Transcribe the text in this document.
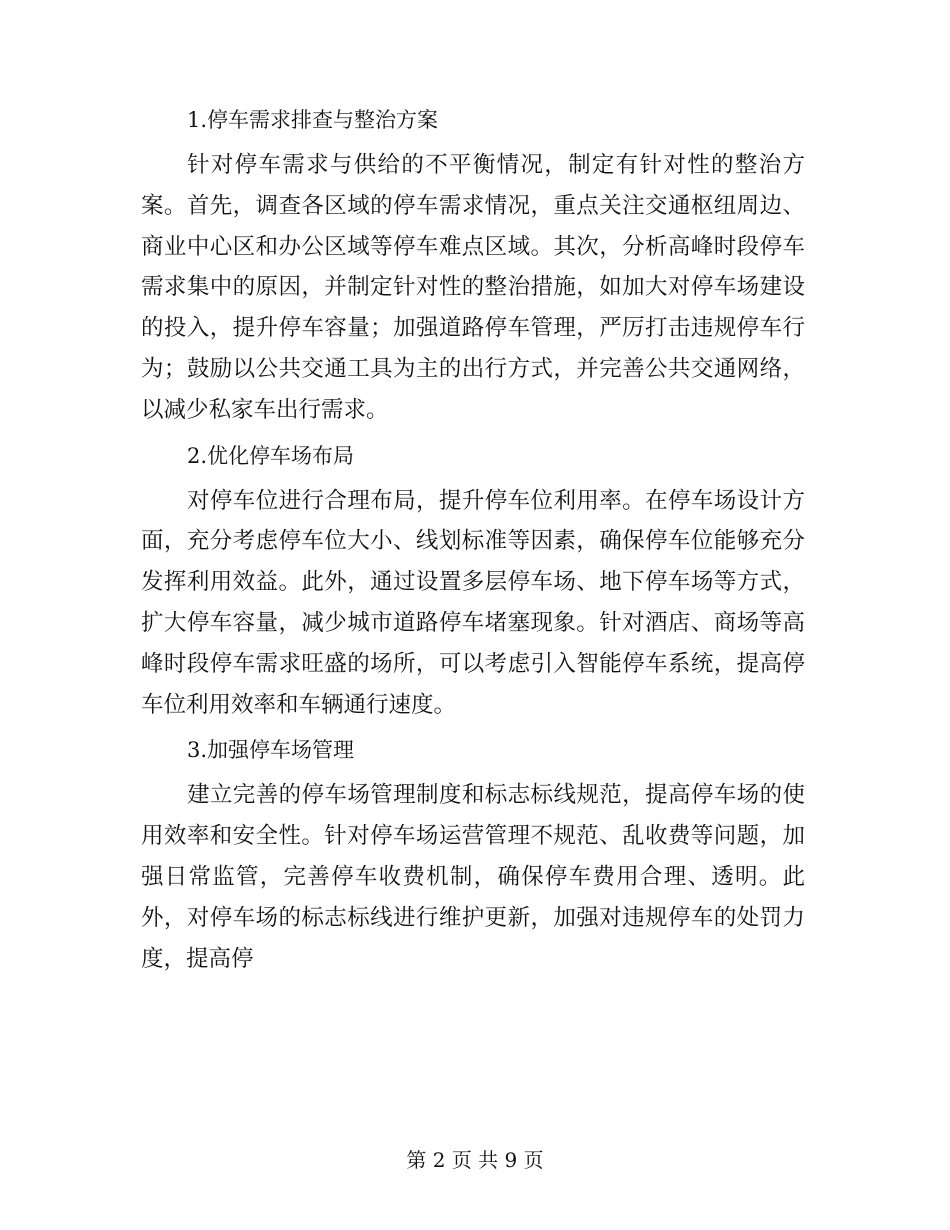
1.停车需求排查与整治方案

针对停车需求与供给的不平衡情况，制定有针对性的整治方案。首先，调查各区域的停车需求情况，重点关注交通枢纽周边、商业中心区和办公区域等停车难点区域。其次，分析高峰时段停车需求集中的原因，并制定针对性的整治措施，如加大对停车场建设的投入，提升停车容量；加强道路停车管理，严厉打击违规停车行为；鼓励以公共交通工具为主的出行方式，并完善公共交通网络，以减少私家车出行需求。

2.优化停车场布局

对停车位进行合理布局，提升停车位利用率。在停车场设计方面，充分考虑停车位大小、线划标准等因素，确保停车位能够充分发挥利用效益。此外，通过设置多层停车场、地下停车场等方式，扩大停车容量，减少城市道路停车堵塞现象。针对酒店、商场等高峰时段停车需求旺盛的场所，可以考虑引入智能停车系统，提高停车位利用效率和车辆通行速度。

3.加强停车场管理

建立完善的停车场管理制度和标志标线规范，提高停车场的使用效率和安全性。针对停车场运营管理不规范、乱收费等问题，加强日常监管，完善停车收费机制，确保停车费用合理、透明。此外，对停车场的标志标线进行维护更新，加强对违规停车的处罚力度，提高停

第 2 页 共 9 页
